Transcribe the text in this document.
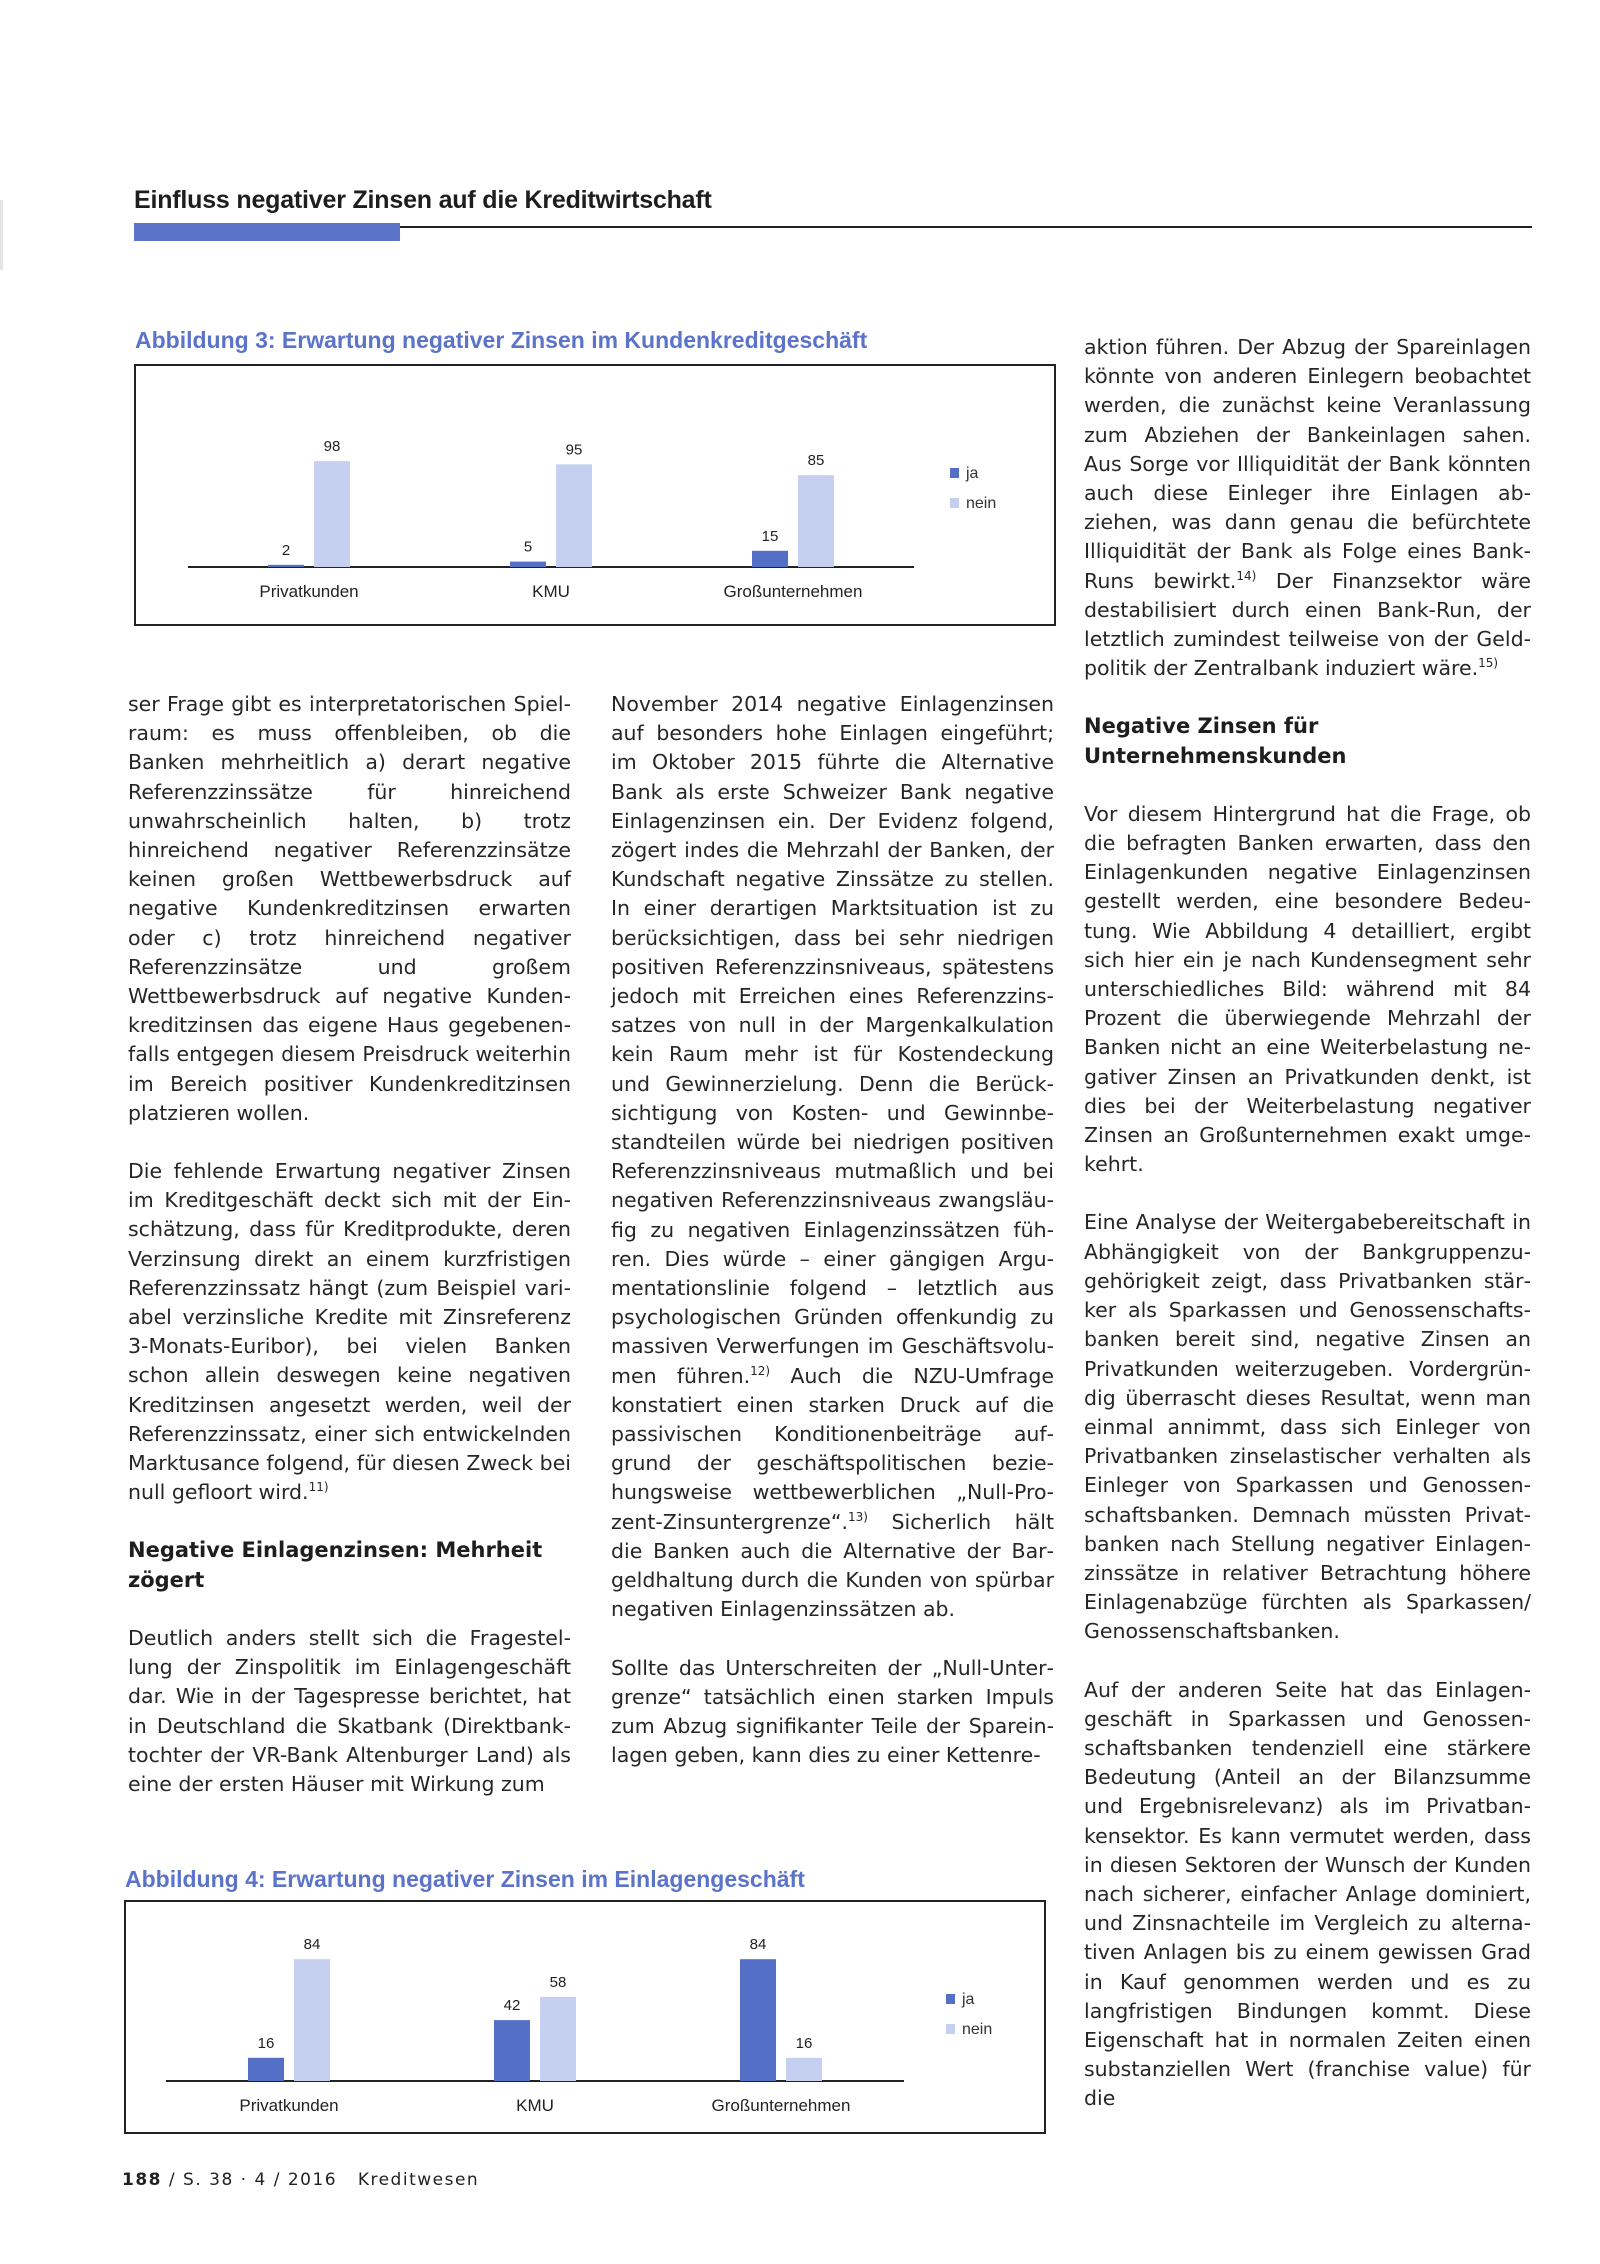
Einfluss negativer Zinsen auf die Kreditwirtschaft
Abbildung 3: Erwartung negativer Zinsen im Kundenkreditgeschäft
2
98
Privatkunden
5
95
KMU
15
85
Großunternehmen
ja
nein
Abbildung 4: Erwartung negativer Zinsen im Einlagengeschäft
16
84
Privatkunden
42
58
KMU
84
16
Großunternehmen
ja
nein

ser Frage gibt es interpretatorischen Spielraum: es muss offenbleiben, ob die Banken mehrheitlich a) derart negative Referenzzinssätze für hinreichend unwahrscheinlich halten, b) trotz hinreichend negativer Referenzzinsätze keinen großen Wettbewerbsdruck auf negative Kundenkreditzinsen erwarten oder c) trotz hinreichend negativer Referenzzinsätze und großem Wettbewerbsdruck auf negative Kundenkreditzinsen das eigene Haus gegebenenfalls entgegen diesem Preisdruck weiterhin im Bereich positiver Kundenkreditzinsen platzieren wollen.

Die fehlende Erwartung negativer Zinsen im Kreditgeschäft deckt sich mit der Einschätzung, dass für Kreditprodukte, deren Verzinsung direkt an einem kurzfristigen Referenzzinssatz hängt (zum Beispiel variabel verzinsliche Kredite mit Zinsreferenz 3-Monats-Euribor), bei vielen Banken schon allein deswegen keine negativen Kreditzinsen angesetzt werden, weil der Referenzzinssatz, einer sich entwickelnden Marktusance folgend, für diesen Zweck bei null gefloort wird.$^{11)}$

Negative Einlagenzinsen: Mehrheit zögert

Deutlich anders stellt sich die Fragestellung der Zinspolitik im Einlagengeschäft dar. Wie in der Tagespresse berichtet, hat in Deutschland die Skatbank (Direktbanktochter der VR-Bank Altenburger Land) als eine der ersten Häuser mit Wirkung zum

November 2014 negative Einlagenzinsen auf besonders hohe Einlagen eingeführt; im Oktober 2015 führte die Alternative Bank als erste Schweizer Bank negative Einlagenzinsen ein. Der Evidenz folgend, zögert indes die Mehrzahl der Banken, der Kundschaft negative Zinssätze zu stellen. In einer derartigen Marktsituation ist zu berücksichtigen, dass bei sehr niedrigen positiven Referenzzinsniveaus, spätestens jedoch mit Erreichen eines Referenzzinssatzes von null in der Margenkalkulation kein Raum mehr ist für Kostendeckung und Gewinnerzielung. Denn die Berücksichtigung von Kosten- und Gewinnbestandteilen würde bei niedrigen positiven Referenzzinsniveaus mutmaßlich und bei negativen Referenzzinsniveaus zwangsläufig zu negativen Einlagenzinssätzen führen. Dies würde – einer gängigen Argumentationslinie folgend – letztlich aus psychologischen Gründen offenkundig zu massiven Verwerfungen im Geschäftsvolumen führen.$^{12)}$ Auch die NZU-Umfrage konstatiert einen starken Druck auf die passivischen Konditionenbeiträge aufgrund der geschäftspolitischen beziehungsweise wettbewerblichen „Null-Prozent-Zinsuntergrenze“.$^{13)}$ Sicherlich hält die Banken auch die Alternative der Bargeldhaltung durch die Kunden von spürbar negativen Einlagenzinssätzen ab.

Sollte das Unterschreiten der „Null-Untergrenze“ tatsächlich einen starken Impuls zum Abzug signifikanter Teile der Spareinlagen geben, kann dies zu einer Kettenre-

aktion führen. Der Abzug der Spareinlagen könnte von anderen Einlegern beobachtet werden, die zunächst keine Veranlassung zum Abziehen der Bankeinlagen sahen. Aus Sorge vor Illiquidität der Bank könnten auch diese Einleger ihre Einlagen abziehen, was dann genau die befürchtete Illiquidität der Bank als Folge eines Bank-Runs bewirkt.$^{14)}$ Der Finanzsektor wäre destabilisiert durch einen Bank-Run, der letztlich zumindest teilweise von der Geldpolitik der Zentralbank induziert wäre.$^{15)}$

Negative Zinsen für Unternehmenskunden

Vor diesem Hintergrund hat die Frage, ob die befragten Banken erwarten, dass den Einlagenkunden negative Einlagenzinsen gestellt werden, eine besondere Bedeutung. Wie Abbildung 4 detailliert, ergibt sich hier ein je nach Kundensegment sehr unterschiedliches Bild: während mit 84 Prozent die überwiegende Mehrzahl der Banken nicht an eine Weiterbelastung negativer Zinsen an Privatkunden denkt, ist dies bei der Weiterbelastung negativer Zinsen an Großunternehmen exakt umgekehrt.

Eine Analyse der Weitergabebereitschaft in Abhängigkeit von der Bankgruppenzugehörigkeit zeigt, dass Privatbanken stärker als Sparkassen und Genossenschaftsbanken bereit sind, negative Zinsen an Privatkunden weiterzugeben. Vordergründig überrascht dieses Resultat, wenn man einmal annimmt, dass sich Einleger von Privatbanken zinselastischer verhalten als Einleger von Sparkassen und Genossenschaftsbanken. Demnach müssten Privatbanken nach Stellung negativer Einlagenzinssätze in relativer Betrachtung höhere Einlagenabzüge fürchten als Sparkassen/ Genossenschaftsbanken.

Auf der anderen Seite hat das Einlagengeschäft in Sparkassen und Genossenschaftsbanken tendenziell eine stärkere Bedeutung (Anteil an der Bilanzsumme und Ergebnisrelevanz) als im Privatbankensektor. Es kann vermutet werden, dass in diesen Sektoren der Wunsch der Kunden nach sicherer, einfacher Anlage dominiert, und Zinsnachteile im Vergleich zu alternativen Anlagen bis zu einem gewissen Grad in Kauf genommen werden und es zu langfristigen Bindungen kommt. Diese Eigenschaft hat in normalen Zeiten einen substanziellen Wert (franchise value) für die

188 / S. 38 · 4 / 2016 Kreditwesen
